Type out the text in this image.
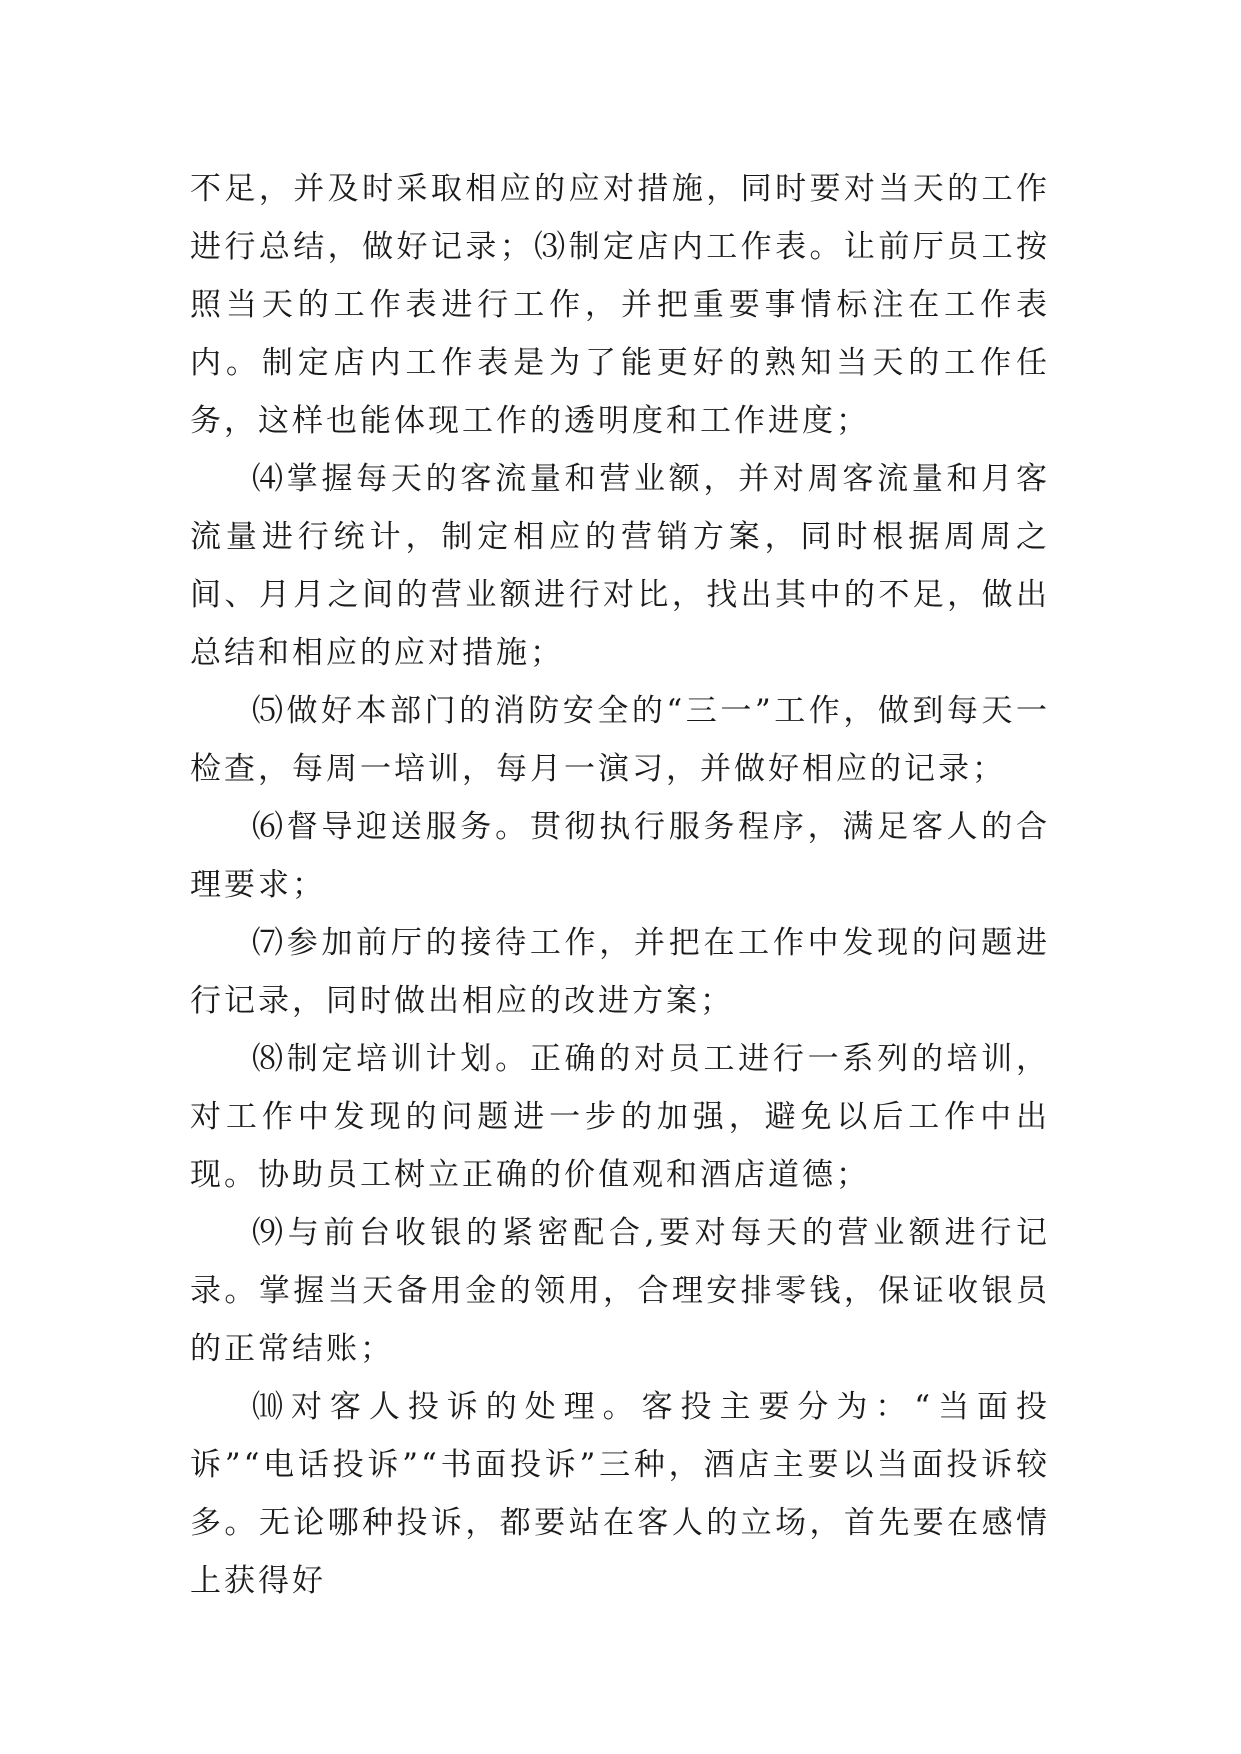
不足，并及时采取相应的应对措施，同时要对当天的工作进行总结，做好记录；⑶制定店内工作表。让前厅员工按照当天的工作表进行工作，并把重要事情标注在工作表内。制定店内工作表是为了能更好的熟知当天的工作任务，这样也能体现工作的透明度和工作进度；

⑷掌握每天的客流量和营业额，并对周客流量和月客流量进行统计，制定相应的营销方案，同时根据周周之间、月月之间的营业额进行对比，找出其中的不足，做出总结和相应的应对措施；

⑸做好本部门的消防安全的“三一”工作，做到每天一检查，每周一培训，每月一演习，并做好相应的记录；

⑹督导迎送服务。贯彻执行服务程序，满足客人的合理要求；

⑺参加前厅的接待工作，并把在工作中发现的问题进行记录，同时做出相应的改进方案；

⑻制定培训计划。正确的对员工进行一系列的培训，对工作中发现的问题进一步的加强，避免以后工作中出现。协助员工树立正确的价值观和酒店道德；

⑼与前台收银的紧密配合,要对每天的营业额进行记录。掌握当天备用金的领用，合理安排零钱，保证收银员的正常结账；

⑽对客人投诉的处理。客投主要分为：“当面投诉”“电话投诉”“书面投诉”三种，酒店主要以当面投诉较多。无论哪种投诉，都要站在客人的立场，首先要在感情上获得好
